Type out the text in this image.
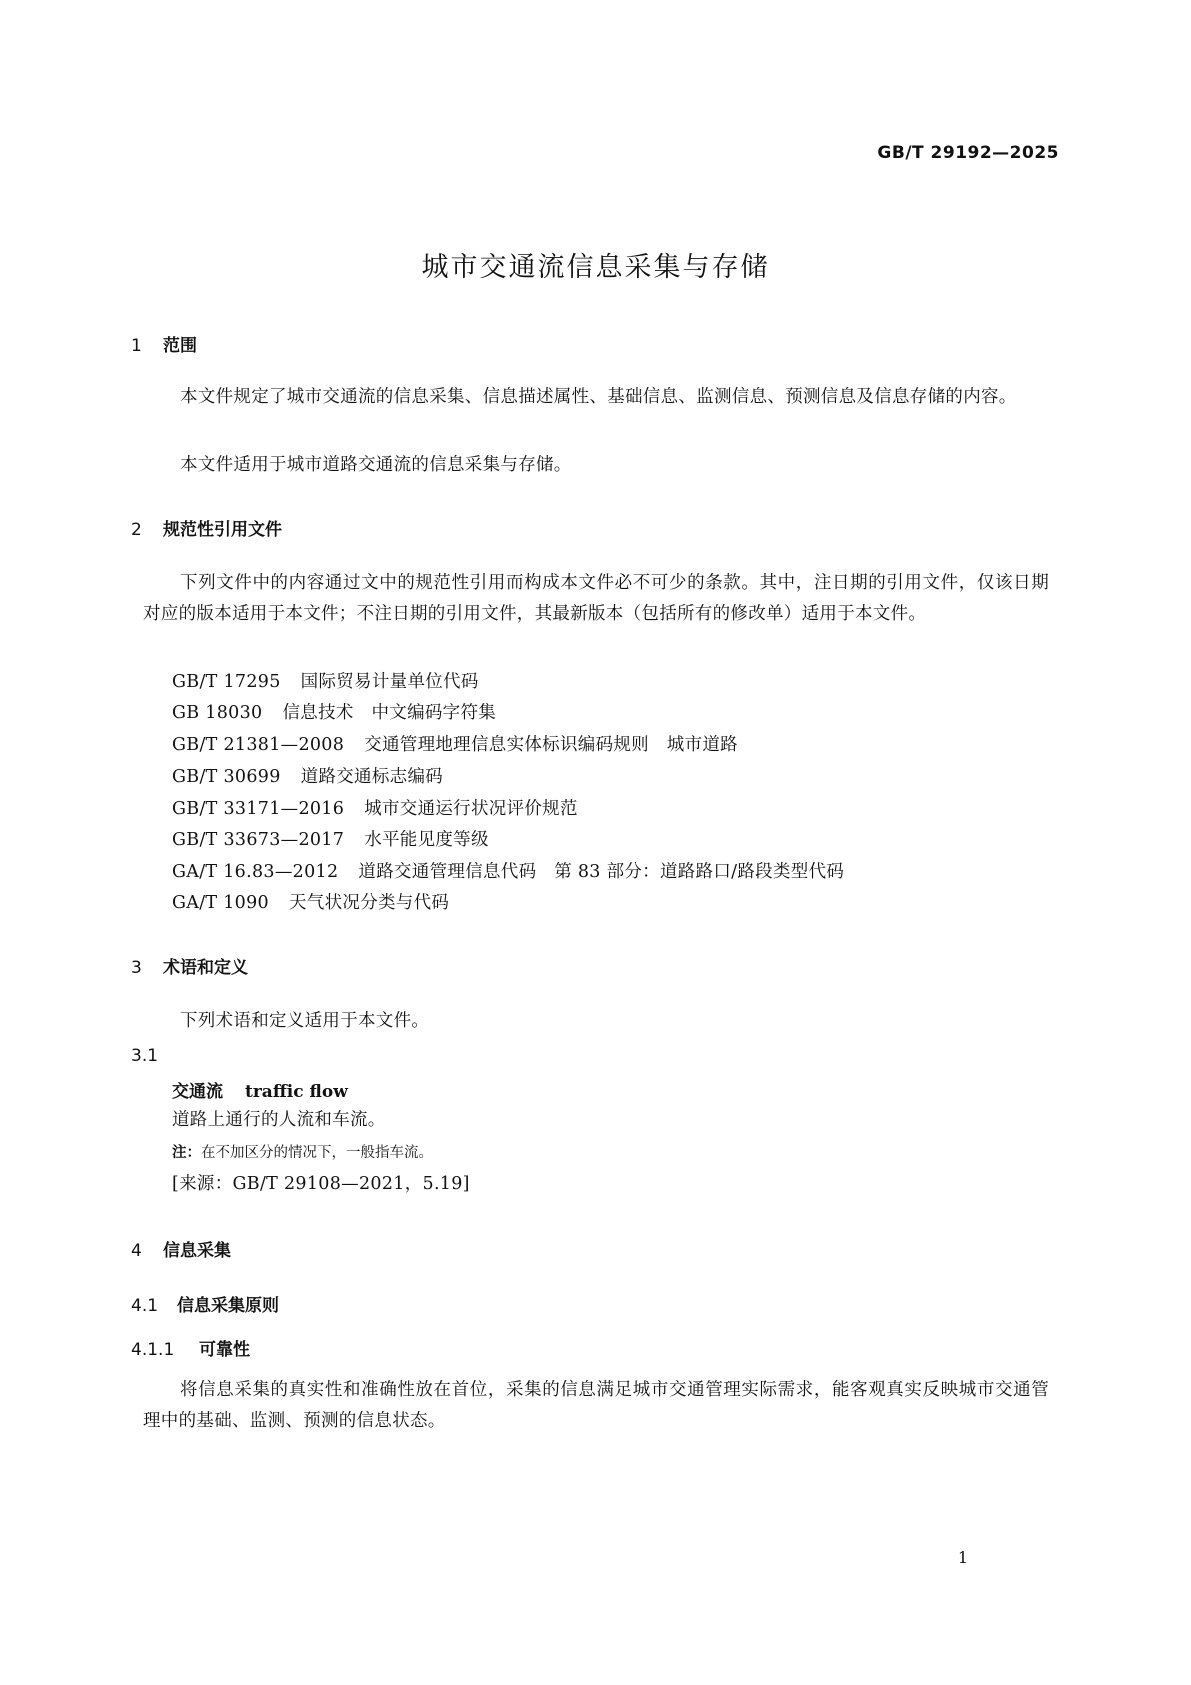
GB/T 29192—2025
城市交通流信息采集与存储
1 范围
本文件规定了城市交通流的信息采集、信息描述属性、基础信息、监测信息、预测信息及信息存储的内容。
本文件适用于城市道路交通流的信息采集与存储。
2 规范性引用文件
下列文件中的内容通过文中的规范性引用而构成本文件必不可少的条款。其中，注日期的引用文件，仅该日期对应的版本适用于本文件；不注日期的引用文件，其最新版本（包括所有的修改单）适用于本文件。
GB/T 17295 国际贸易计量单位代码
GB 18030 信息技术　中文编码字符集
GB/T 21381—2008 交通管理地理信息实体标识编码规则　城市道路
GB/T 30699 道路交通标志编码
GB/T 33171—2016 城市交通运行状况评价规范
GB/T 33673—2017 水平能见度等级
GA/T 16.83—2012 道路交通管理信息代码　第 83 部分：道路路口/路段类型代码
GA/T 1090 天气状况分类与代码
3 术语和定义
下列术语和定义适用于本文件。
3.1
交通流 traffic flow
道路上通行的人流和车流。
注：在不加区分的情况下，一般指车流。
[来源：GB/T 29108—2021，5.19]
4 信息采集
4.1 信息采集原则
4.1.1 可靠性
将信息采集的真实性和准确性放在首位，采集的信息满足城市交通管理实际需求，能客观真实反映城市交通管理中的基础、监测、预测的信息状态。
1
